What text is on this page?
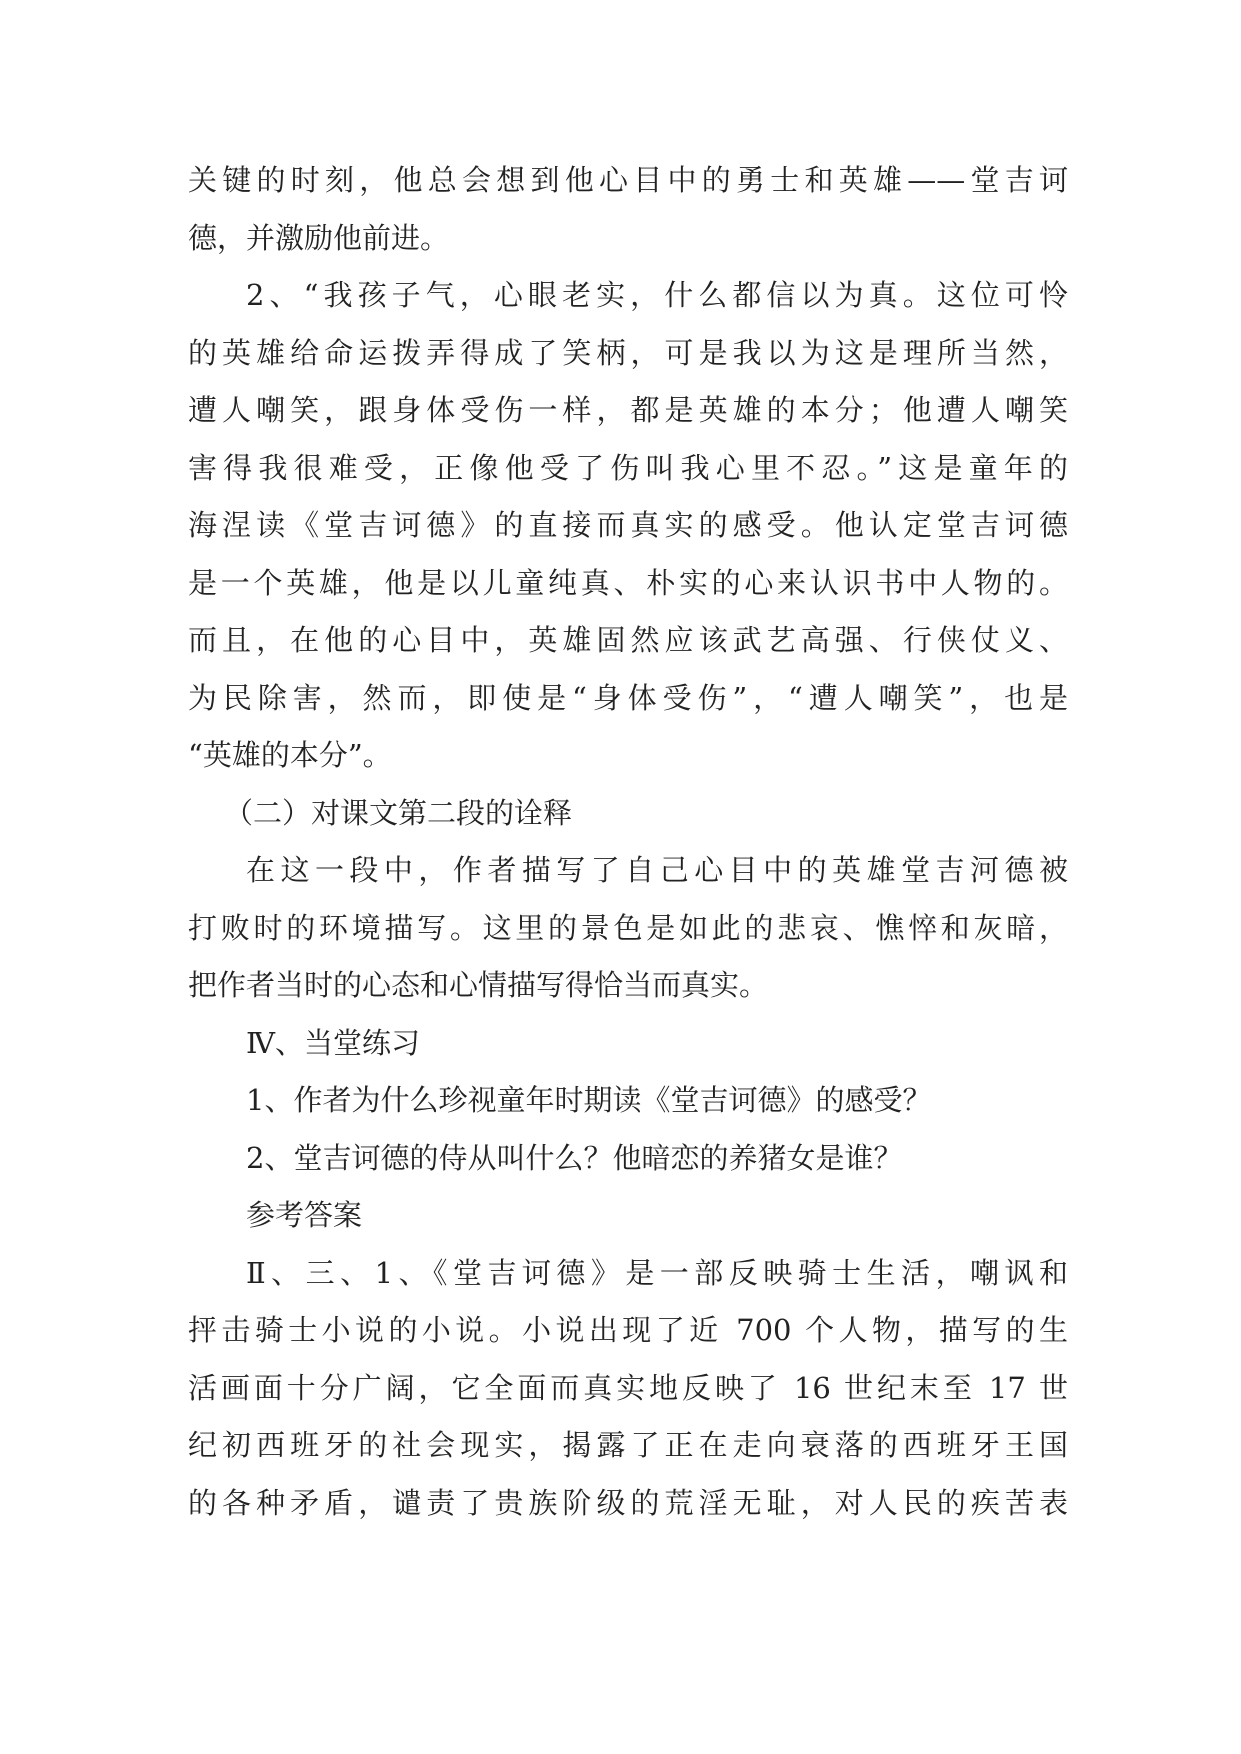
关键的时刻，他总会想到他心目中的勇士和英雄——堂吉诃
德，并激励他前进。
2、“我孩子气，心眼老实，什么都信以为真。这位可怜
的英雄给命运拨弄得成了笑柄，可是我以为这是理所当然，
遭人嘲笑，跟身体受伤一样，都是英雄的本分；他遭人嘲笑
害得我很难受，正像他受了伤叫我心里不忍。”这是童年的
海涅读《堂吉诃德》的直接而真实的感受。他认定堂吉诃德
是一个英雄，他是以儿童纯真、朴实的心来认识书中人物的。
而且，在他的心目中，英雄固然应该武艺高强、行侠仗义、
为民除害，然而，即使是“身体受伤”，“遭人嘲笑”，也是
“英雄的本分”。
（二）对课文第二段的诠释
在这一段中，作者描写了自己心目中的英雄堂吉河德被
打败时的环境描写。这里的景色是如此的悲哀、憔悴和灰暗，
把作者当时的心态和心情描写得恰当而真实。
Ⅳ、当堂练习
1、作者为什么珍视童年时期读《堂吉诃德》的感受？
2、堂吉诃德的侍从叫什么？他暗恋的养猪女是谁？
参考答案
Ⅱ、三、1、《堂吉诃德》是一部反映骑士生活，嘲讽和
抨击骑士小说的小说。小说出现了近 700 个人物，描写的生
活画面十分广阔，它全面而真实地反映了 16 世纪末至 17 世
纪初西班牙的社会现实，揭露了正在走向衰落的西班牙王国
的各种矛盾，谴责了贵族阶级的荒淫无耻，对人民的疾苦表
